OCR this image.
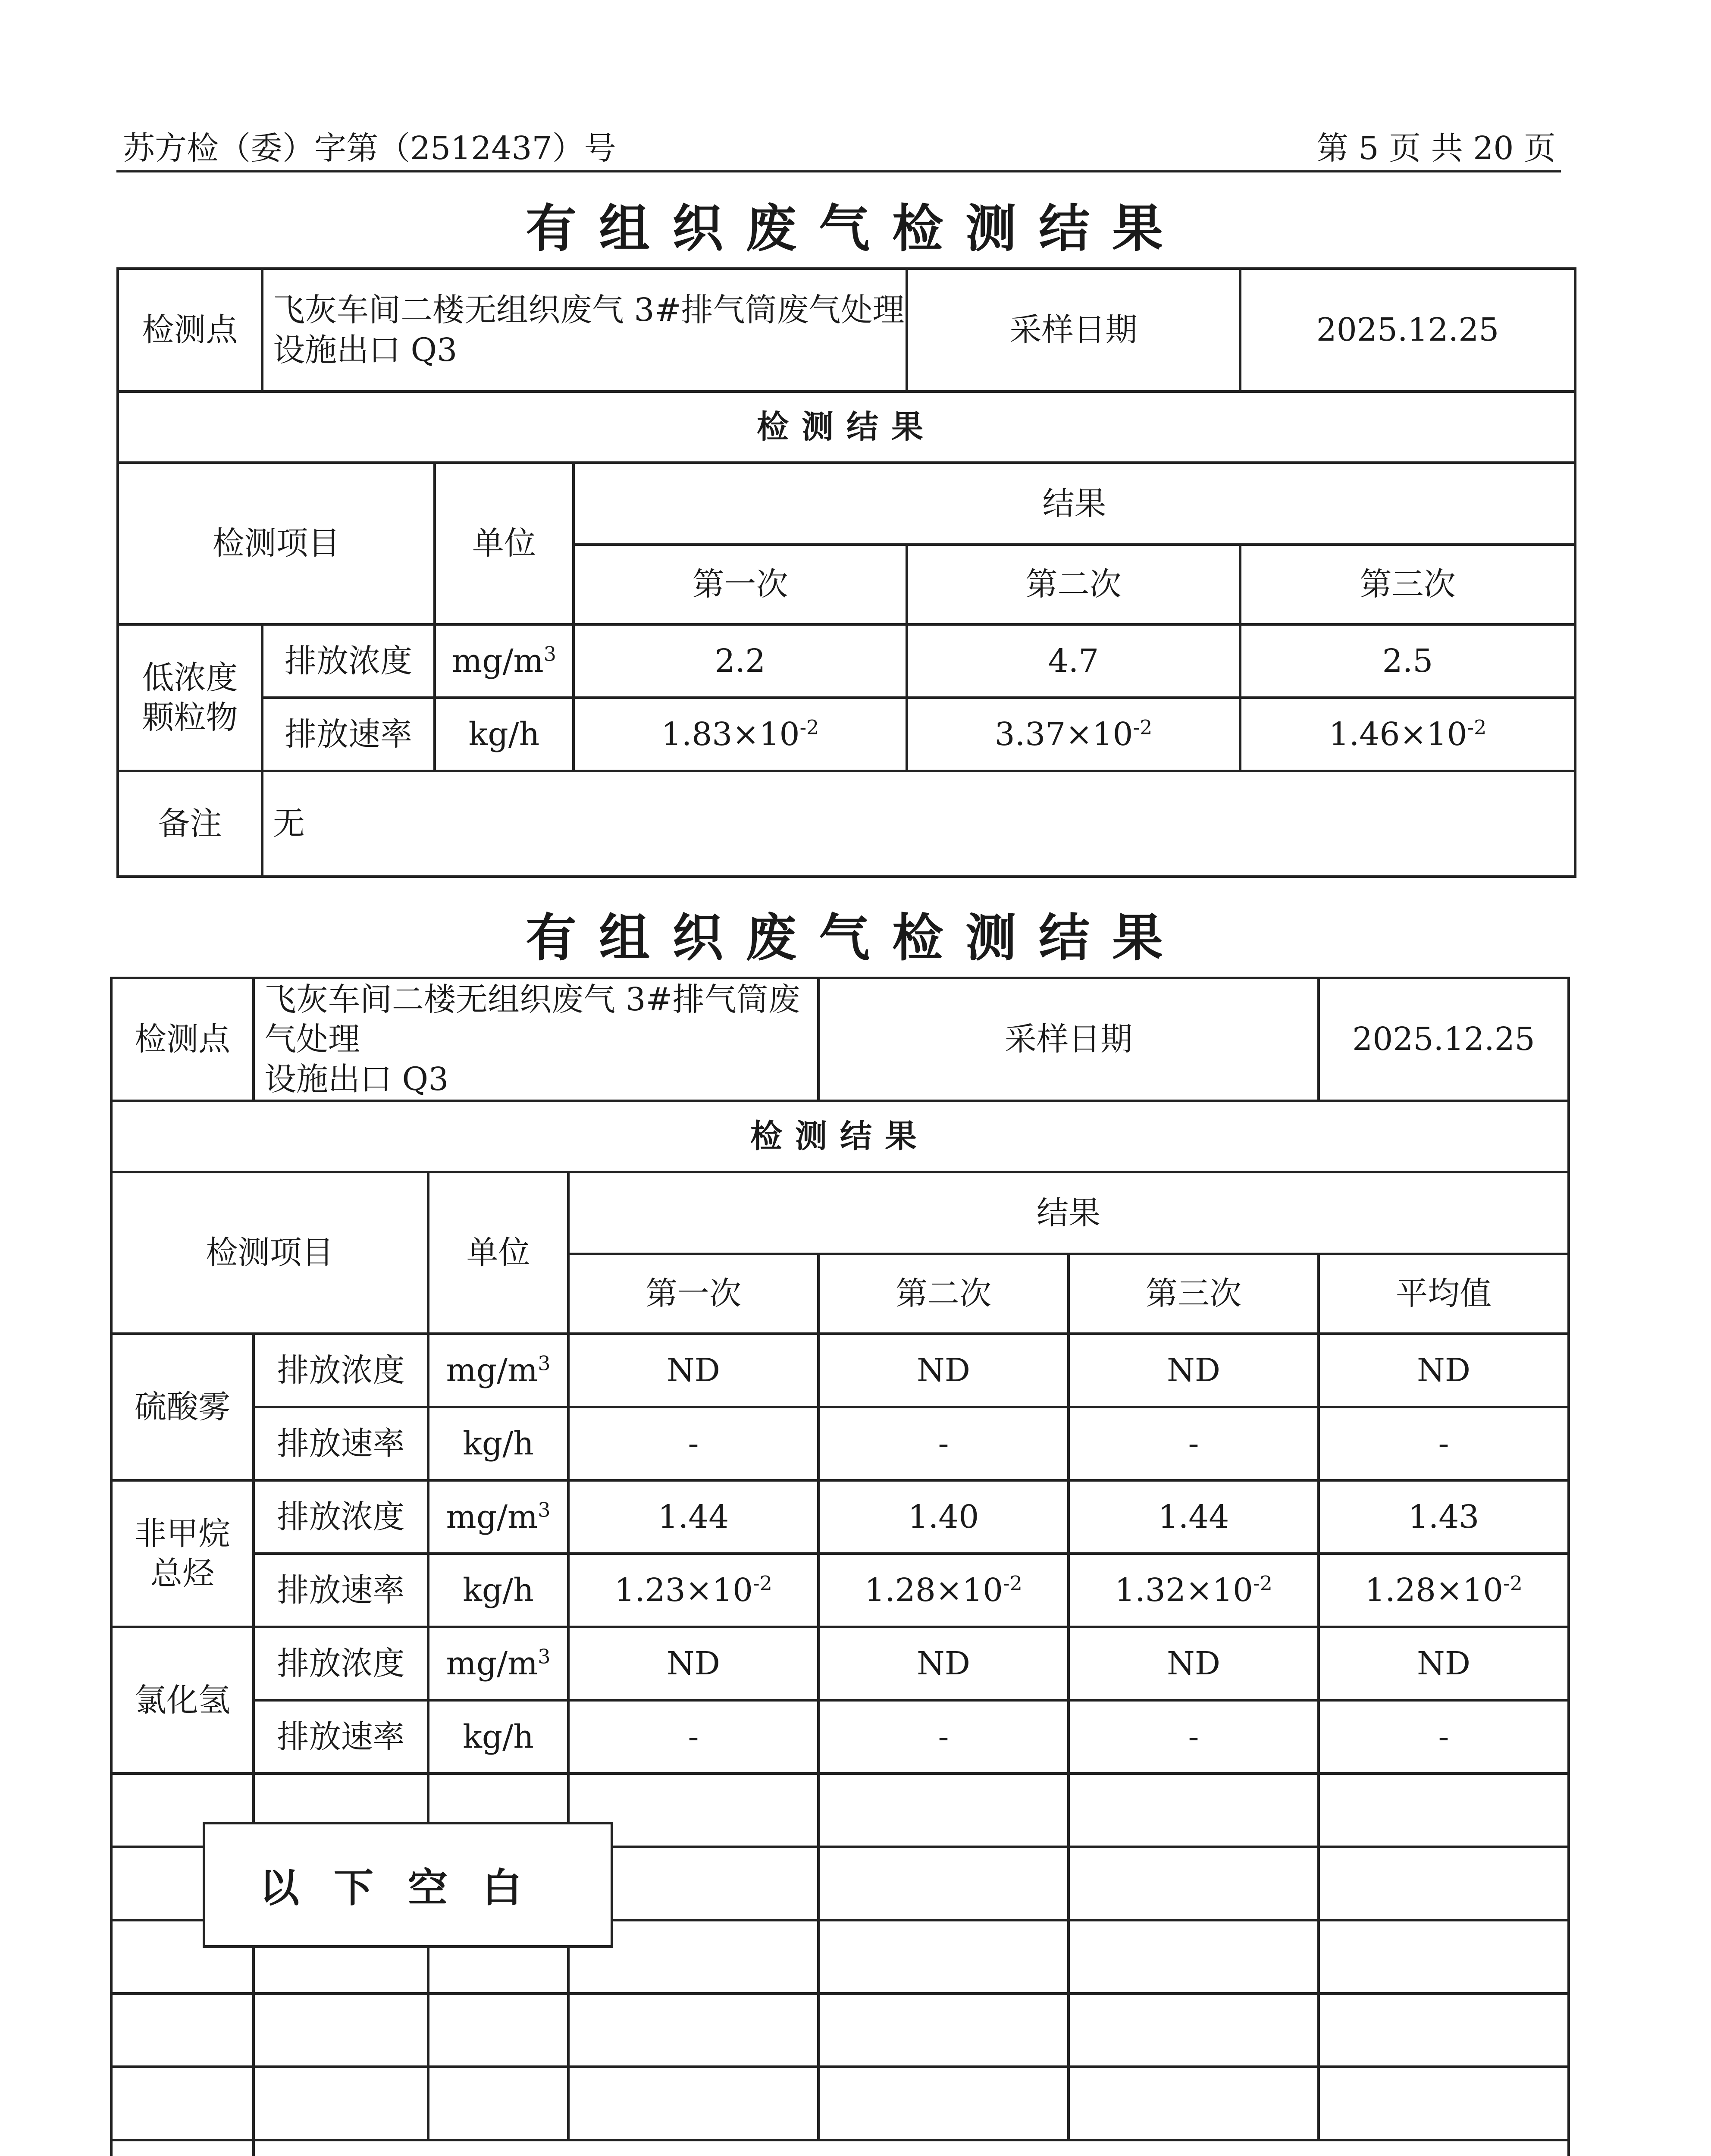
苏方检（委）字第（2512437）号	第 5 页 共 20 页
有组织废气检测结果
检测点	飞灰车间二楼无组织废气 3#排气筒废气处理
设施出口 Q3			采样日期	2025.12.25
检测结果					
检测项目		单位	结果		
			第一次	第二次	第三次

低浓度
颗粒物	排放浓度	$mg/m^3$	2.2	4.7	2.5
	排放速率	kg/h	$1.83\times 10^{-2}$	$3.37\times 10^{-2}$	$1.46\times 10^{-2}$
备注	无				
有组织废气检测结果
检测点	飞灰车间二楼无组织废气 3#排气筒废气处理
设施出口 Q3			采样日期		2025.12.25
检测结果						
检测项目		单位	结果			
			第一次	第二次	第三次	平均值

硫酸雾	排放浓度	$mg/m^3$	ND	ND	ND	ND
	排放速率	kg/h	-	-	-	-

非甲烷
总烃	排放浓度	$mg/m^3$	1.44	1.40	1.44	1.43
	排放速率	kg/h	$1.23\times 10^{-2}$	$1.28\times 10^{-2}$	$1.32\times 10^{-2}$	$1.28\times 10^{-2}$

氯化氢	排放浓度	$mg/m^3$	ND	ND	ND	ND
	排放速率	kg/h	-	-	-	-

以下空白
